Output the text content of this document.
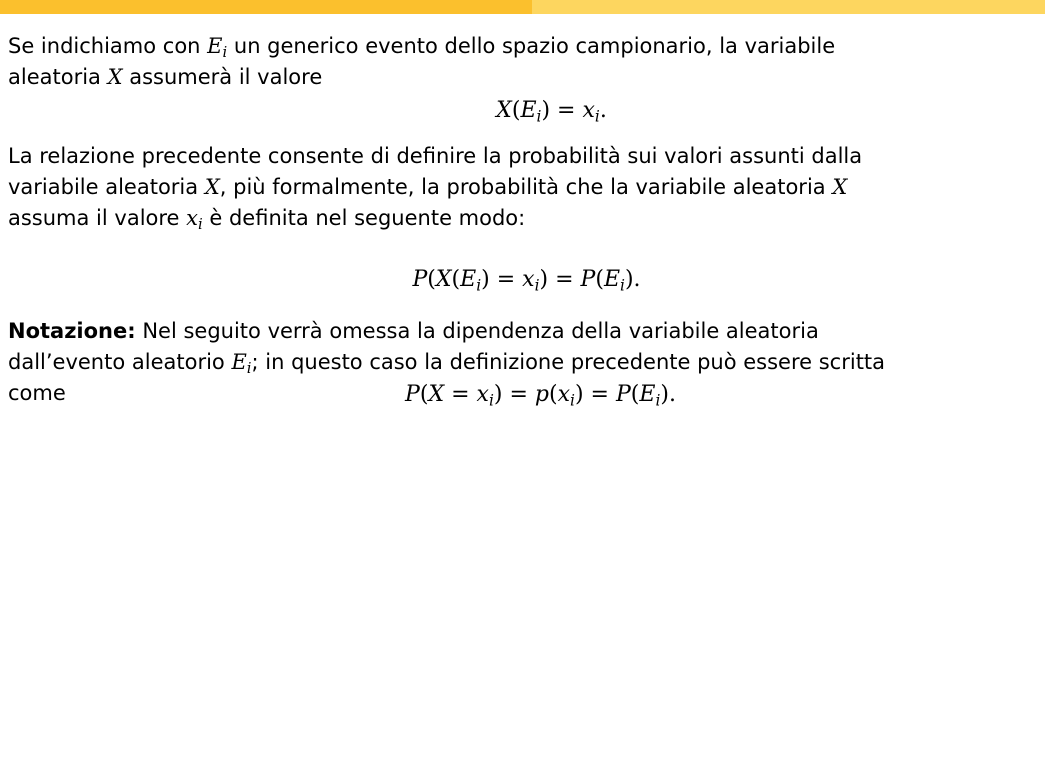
Se indichiamo con $E_i$ un generico evento dello spazio campionario, la variabile
aleatoria X assumerà il valore

$X(E_i) = x_i$.

La relazione precedente consente di definire la probabilità sui valori assunti dalla
variabile aleatoria X, più formalmente, la probabilità che la variabile aleatoria X
assuma il valore $x_i$ è definita nel seguente modo:

$P(X(E_i) = x_i) = P(E_i)$.

Notazione: Nel seguito verrà omessa la dipendenza della variabile aleatoria
dall’evento aleatorio $E_i$; in questo caso la definizione precedente può essere scritta
come	$P(X = x_i) = p(x_i) = P(E_i)$.
